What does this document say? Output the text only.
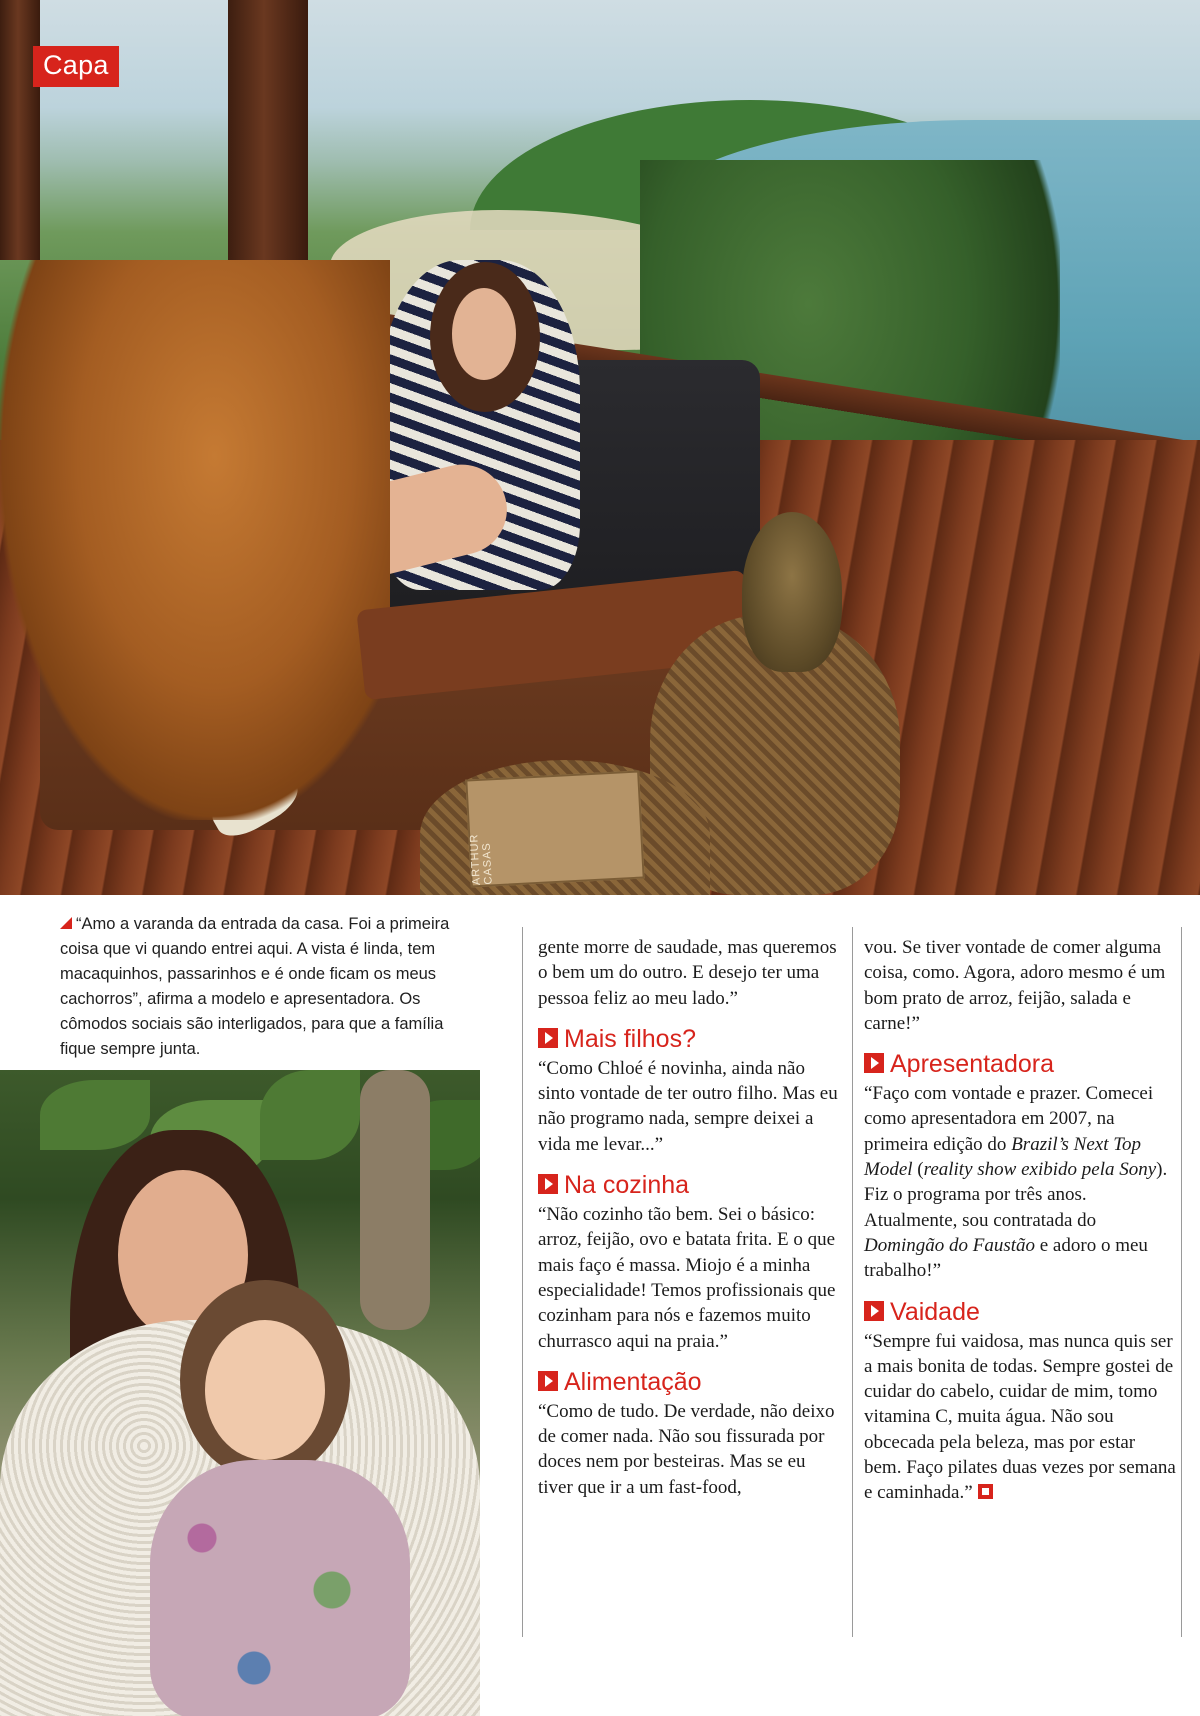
ARTHUR CASAS
Capa
“Amo a varanda da entrada da casa. Foi a primeira coisa que vi quando entrei aqui. A vista é linda, tem macaquinhos, passarinhos e é onde ficam os meus cachorros”, afirma a modelo e apresentadora. Os cômodos sociais são interligados, para que a família fique sempre junta.

gente morre de saudade, mas queremos o bem um do outro. E desejo ter uma pessoa feliz ao meu lado.”

Mais filhos?

“Como Chloé é novinha, ainda não sinto vontade de ter outro filho. Mas eu não programo nada, sempre deixei a vida me levar...”

Na cozinha

“Não cozinho tão bem. Sei o básico: arroz, feijão, ovo e batata frita. E o que mais faço é massa. Miojo é a minha especialidade! Temos profissionais que cozinham para nós e fazemos muito churrasco aqui na praia.”

Alimentação

“Como de tudo. De verdade, não deixo de comer nada. Não sou fissurada por doces nem por besteiras. Mas se eu tiver que ir a um fast-food,

vou. Se tiver vontade de comer alguma coisa, como. Agora, adoro mesmo é um bom prato de arroz, feijão, salada e carne!”

Apresentadora

“Faço com vontade e prazer. Comecei como apresentadora em 2007, na primeira edição do Brazil’s Next Top Model (reality show exibido pela Sony). Fiz o programa por três anos. Atualmente, sou contratada do Domingão do Faustão e adoro o meu trabalho!”

Vaidade

“Sempre fui vaidosa, mas nunca quis ser a mais bonita de todas. Sempre gostei de cuidar do cabelo, cuidar de mim, tomo vitamina C, muita água. Não sou obcecada pela beleza, mas por estar bem. Faço pilates duas vezes por semana e caminhada.”
